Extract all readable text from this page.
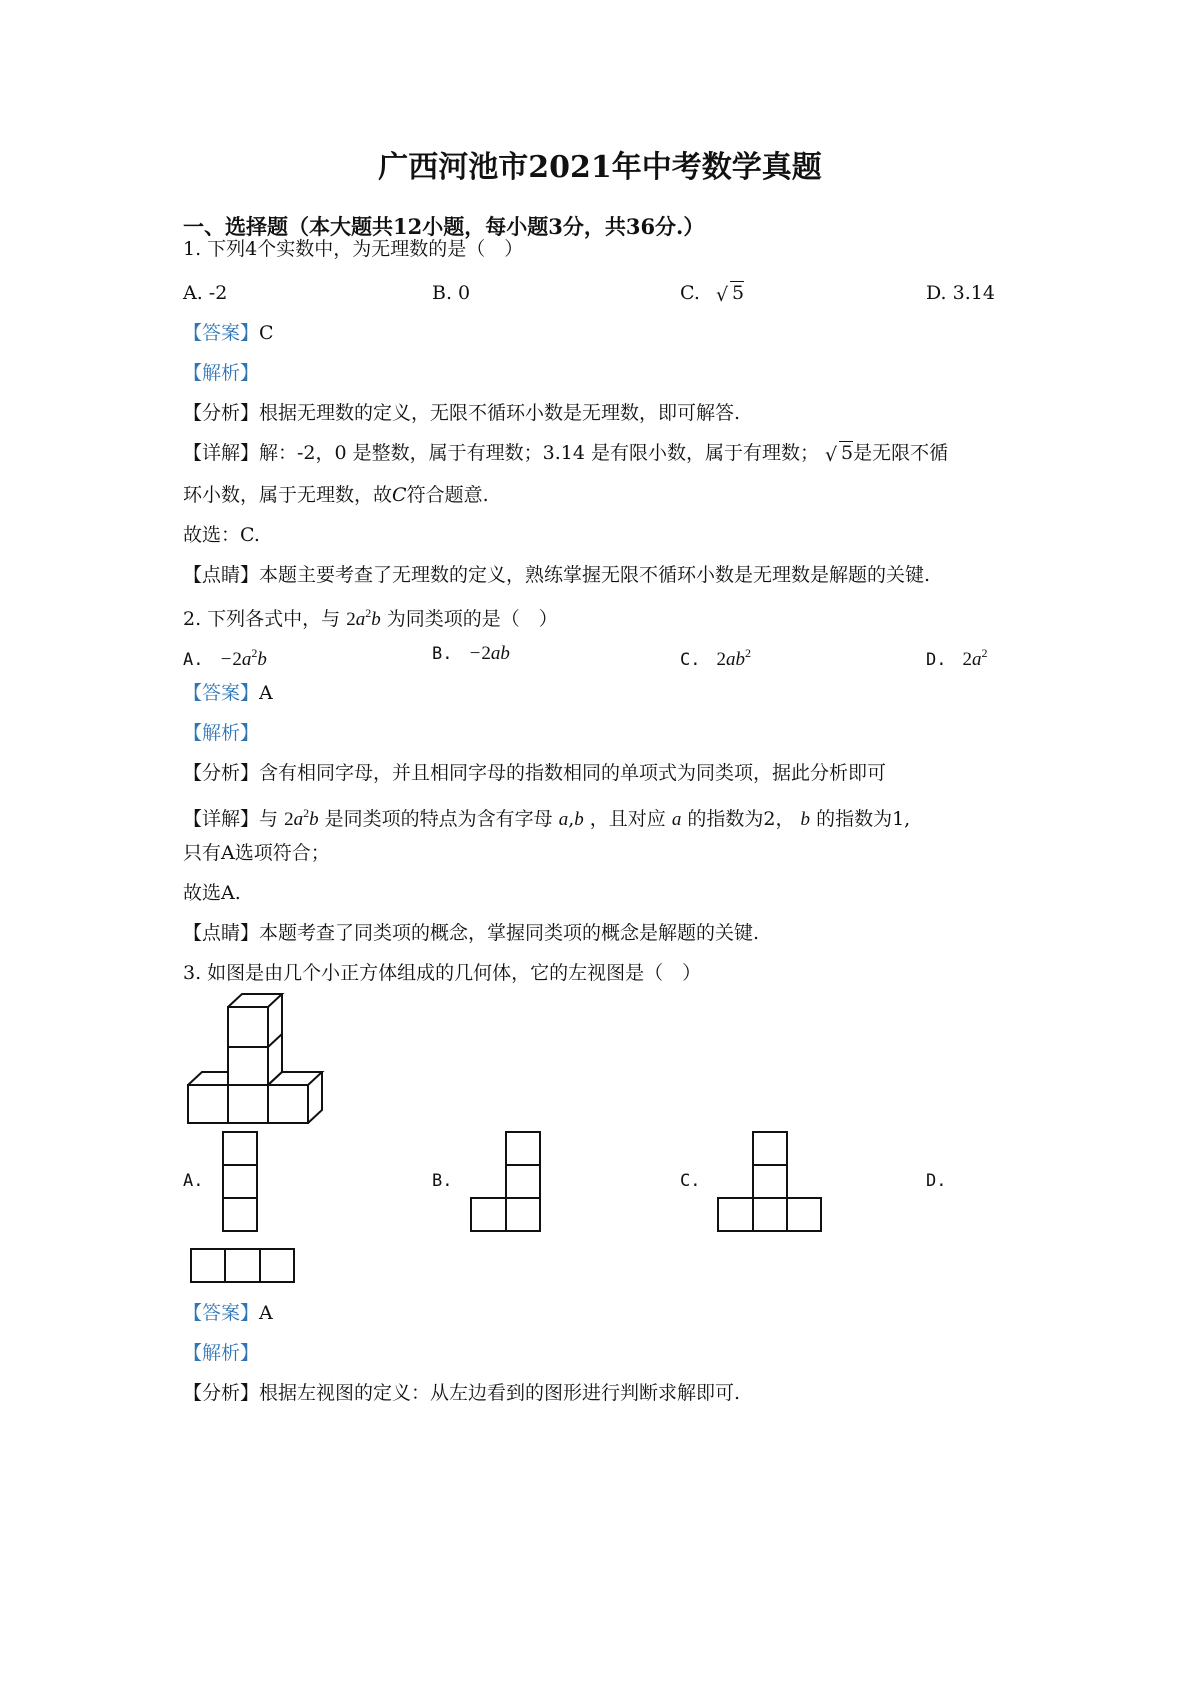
广西河池市2021年中考数学真题
一、选择题（本大题共12小题，每小题3分，共36分.）
1. 下列4个实数中，为无理数的是（　）
A. -2	B. 0	C. √ 5	D. 3.14
【答案】C
【解析】
【分析】根据无理数的定义，无限不循环小数是无理数，即可解答.
【详解】解：-2，0 是整数，属于有理数；3.14 是有限小数，属于有理数； √ 5是无限不循
环小数，属于无理数，故C符合题意.
故选：C.
【点睛】本题主要考查了无理数的定义，熟练掌握无限不循环小数是无理数是解题的关键.
2. 下列各式中，与 $2a^2b$ 为同类项的是（　）
A. $-2a^2b$	B. −2ab	C. $2ab^2$	D. $2a^2$
【答案】A
【解析】
【分析】含有相同字母，并且相同字母的指数相同的单项式为同类项，据此分析即可
【详解】与 $2a^2b$ 是同类项的特点为含有字母 a,b ，且对应 a 的指数为2， b 的指数为1,
只有A选项符合；
故选A.
【点睛】本题考查了同类项的概念，掌握同类项的概念是解题的关键.
3. 如图是由几个小正方体组成的几何体，它的左视图是（　）
A.	B.	C.	D.
【答案】A
【解析】
【分析】根据左视图的定义：从左边看到的图形进行判断求解即可.
